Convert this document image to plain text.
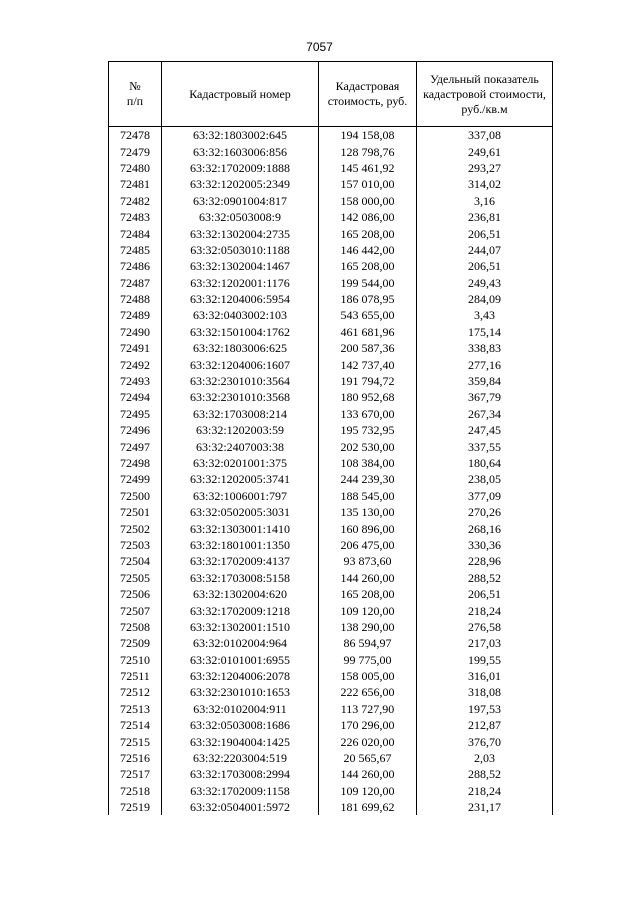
7057
№
п/п	Кадастровый номер	Кадастровая стоимость, руб.	Удельный показатель кадастровой стоимости, руб./кв.м
72478	63:32:1803002:645	194 158,08	337,08
72479	63:32:1603006:856	128 798,76	249,61
72480	63:32:1702009:1888	145 461,92	293,27
72481	63:32:1202005:2349	157 010,00	314,02
72482	63:32:0901004:817	158 000,00	3,16
72483	63:32:0503008:9	142 086,00	236,81
72484	63:32:1302004:2735	165 208,00	206,51
72485	63:32:0503010:1188	146 442,00	244,07
72486	63:32:1302004:1467	165 208,00	206,51
72487	63:32:1202001:1176	199 544,00	249,43
72488	63:32:1204006:5954	186 078,95	284,09
72489	63:32:0403002:103	543 655,00	3,43
72490	63:32:1501004:1762	461 681,96	175,14
72491	63:32:1803006:625	200 587,36	338,83
72492	63:32:1204006:1607	142 737,40	277,16
72493	63:32:2301010:3564	191 794,72	359,84
72494	63:32:2301010:3568	180 952,68	367,79
72495	63:32:1703008:214	133 670,00	267,34
72496	63:32:1202003:59	195 732,95	247,45
72497	63:32:2407003:38	202 530,00	337,55
72498	63:32:0201001:375	108 384,00	180,64
72499	63:32:1202005:3741	244 239,30	238,05
72500	63:32:1006001:797	188 545,00	377,09
72501	63:32:0502005:3031	135 130,00	270,26
72502	63:32:1303001:1410	160 896,00	268,16
72503	63:32:1801001:1350	206 475,00	330,36
72504	63:32:1702009:4137	93 873,60	228,96
72505	63:32:1703008:5158	144 260,00	288,52
72506	63:32:1302004:620	165 208,00	206,51
72507	63:32:1702009:1218	109 120,00	218,24
72508	63:32:1302001:1510	138 290,00	276,58
72509	63:32:0102004:964	86 594,97	217,03
72510	63:32:0101001:6955	99 775,00	199,55
72511	63:32:1204006:2078	158 005,00	316,01
72512	63:32:2301010:1653	222 656,00	318,08
72513	63:32:0102004:911	113 727,90	197,53
72514	63:32:0503008:1686	170 296,00	212,87
72515	63:32:1904004:1425	226 020,00	376,70
72516	63:32:2203004:519	20 565,67	2,03
72517	63:32:1703008:2994	144 260,00	288,52
72518	63:32:1702009:1158	109 120,00	218,24
72519	63:32:0504001:5972	181 699,62	231,17
